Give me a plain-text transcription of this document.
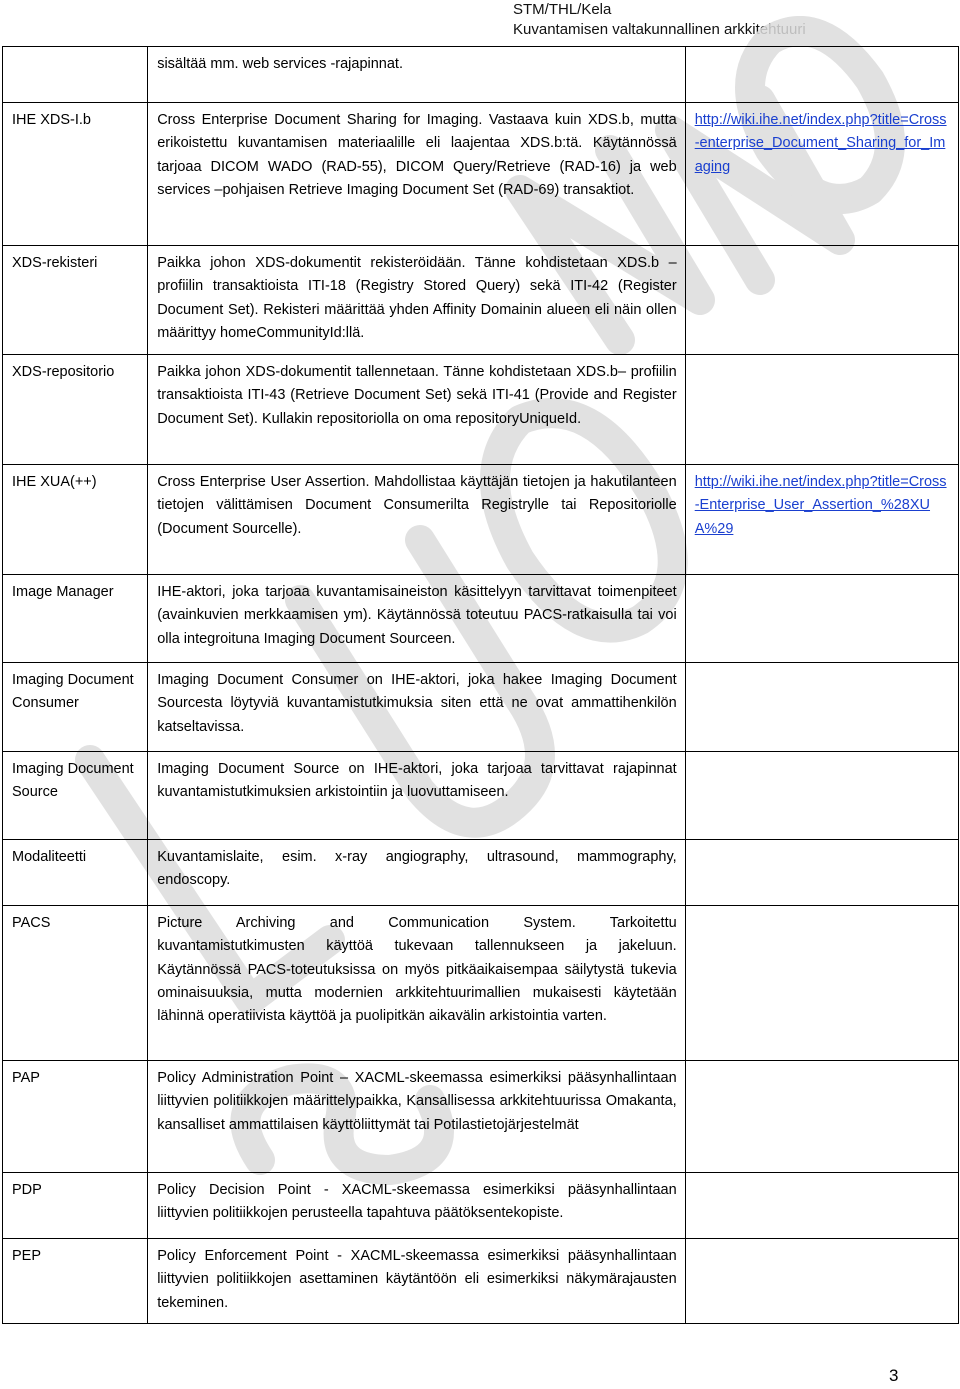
STM/THL/Kela
Kuvantamisen valtakunnallinen arkkitehtuuri
	sisältää mm. web services -rajapinnat.	
IHE XDS-I.b	Cross Enterprise Document Sharing for Imaging. Vastaava kuin XDS.b, mutta erikoistettu kuvantamisen materiaalille eli laajentaa XDS.b:tä. Käytännössä tarjoaa DICOM WADO (RAD-55), DICOM Query/Retrieve (RAD-16) ja web services –pohjaisen Retrieve Imaging Document Set (RAD-69) transaktiot.	http://wiki.ihe.net/index.php?title=Cross-enterprise_Document_Sharing_for_Imaging
XDS-rekisteri	Paikka johon XDS-dokumentit rekisteröidään. Tänne kohdistetaan XDS.b –profiilin transaktioista ITI-18 (Registry Stored Query) sekä ITI-42 (Register Document Set). Rekisteri määrittää yhden Affinity Domainin alueen eli näin ollen määrittyy homeCommunityId:llä.	
XDS-repositorio	Paikka johon XDS-dokumentit tallennetaan. Tänne kohdistetaan XDS.b– profiilin transaktioista ITI-43 (Retrieve Document Set) sekä ITI-41 (Provide and Register Document Set). Kullakin repositoriolla on oma repositoryUniqueId.	
IHE XUA(++)	Cross Enterprise User Assertion. Mahdollistaa käyttäjän tietojen ja hakutilanteen tietojen välittämisen Document Consumerilta Registrylle tai Repositoriolle (Document Sourcelle).	http://wiki.ihe.net/index.php?title=Cross-Enterprise_User_Assertion_%28XUA%29
Image Manager	IHE-aktori, joka tarjoaa kuvantamisaineiston käsittelyyn tarvittavat toimenpiteet (avainkuvien merkkaamisen ym). Käytännössä toteutuu PACS-ratkaisulla tai voi olla integroituna Imaging Document Sourceen.	
Imaging Document Consumer	Imaging Document Consumer on IHE-aktori, joka hakee Imaging Document Sourcesta löytyviä kuvantamistutkimuksia siten että ne ovat ammattihenkilön katseltavissa.	
Imaging Document Source	Imaging Document Source on IHE-aktori, joka tarjoaa tarvittavat rajapinnat kuvantamistutkimuksien arkistointiin ja luovuttamiseen.	
Modaliteetti	Kuvantamislaite, esim. x-ray angiography, ultrasound, mammography, endoscopy.	
PACS	Picture Archiving and Communication System. Tarkoitettu kuvantamistutkimusten käyttöä tukevaan tallennukseen ja jakeluun. Käytännössä PACS-toteutuksissa on myös pitkäaikaisempaa säilytystä tukevia ominaisuuksia, mutta modernien arkkitehtuurimallien mukaisesti käytetään lähinnä operatiivista käyttöä ja puolipitkän aikavälin arkistointia varten.	
PAP	Policy Administration Point – XACML-skeemassa esimerkiksi pääsynhallintaan liittyvien politiikkojen määrittelypaikka, Kansallisessa arkkitehtuurissa Omakanta, kansalliset ammattilaisen käyttöliittymät tai Potilastietojärjestelmät	
PDP	Policy Decision Point - XACML-skeemassa esimerkiksi pääsynhallintaan liittyvien politiikkojen perusteella tapahtuva päätöksentekopiste.	
PEP	Policy Enforcement Point - XACML-skeemassa esimerkiksi pääsynhallintaan liittyvien politiikkojen asettaminen käytäntöön eli esimerkiksi näkymärajausten tekeminen.	
3
